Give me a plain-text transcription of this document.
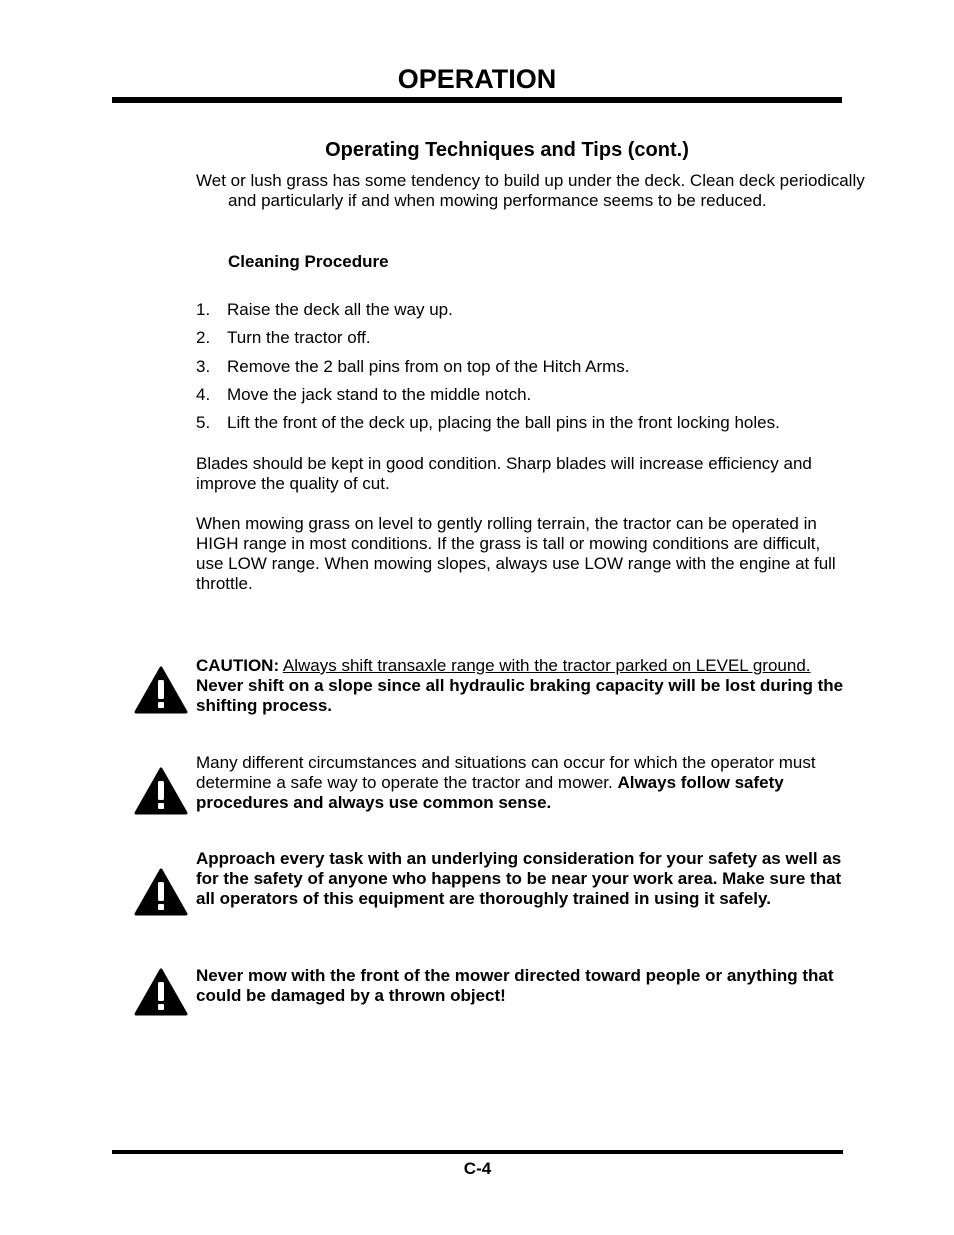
OPERATION
Operating Techniques and Tips (cont.)
Wet or lush grass has some tendency to build up under the deck. Clean deck periodically and particularly if and when mowing performance seems to be reduced.
Cleaning Procedure
1. Raise the deck all the way up.
2. Turn the tractor off.
3. Remove the 2 ball pins from on top of the Hitch Arms.
4. Move the jack stand to the middle notch.
5. Lift the front of the deck up, placing the ball pins in the front locking holes.
Blades should be kept in good condition. Sharp blades will increase efficiency and improve the quality of cut.
When mowing grass on level to gently rolling terrain, the tractor can be operated in HIGH range in most conditions. If the grass is tall or mowing conditions are difficult, use LOW range. When mowing slopes, always use LOW range with the engine at full throttle.
CAUTION: Always shift transaxle range with the tractor parked on LEVEL ground. Never shift on a slope since all hydraulic braking capacity will be lost during the shifting process.
Many different circumstances and situations can occur for which the operator must determine a safe way to operate the tractor and mower. Always follow safety procedures and always use common sense.
Approach every task with an underlying consideration for your safety as well as for the safety of anyone who happens to be near your work area. Make sure that all operators of this equipment are thoroughly trained in using it safely.
Never mow with the front of the mower directed toward people or anything that could be damaged by a thrown object!
C-4
